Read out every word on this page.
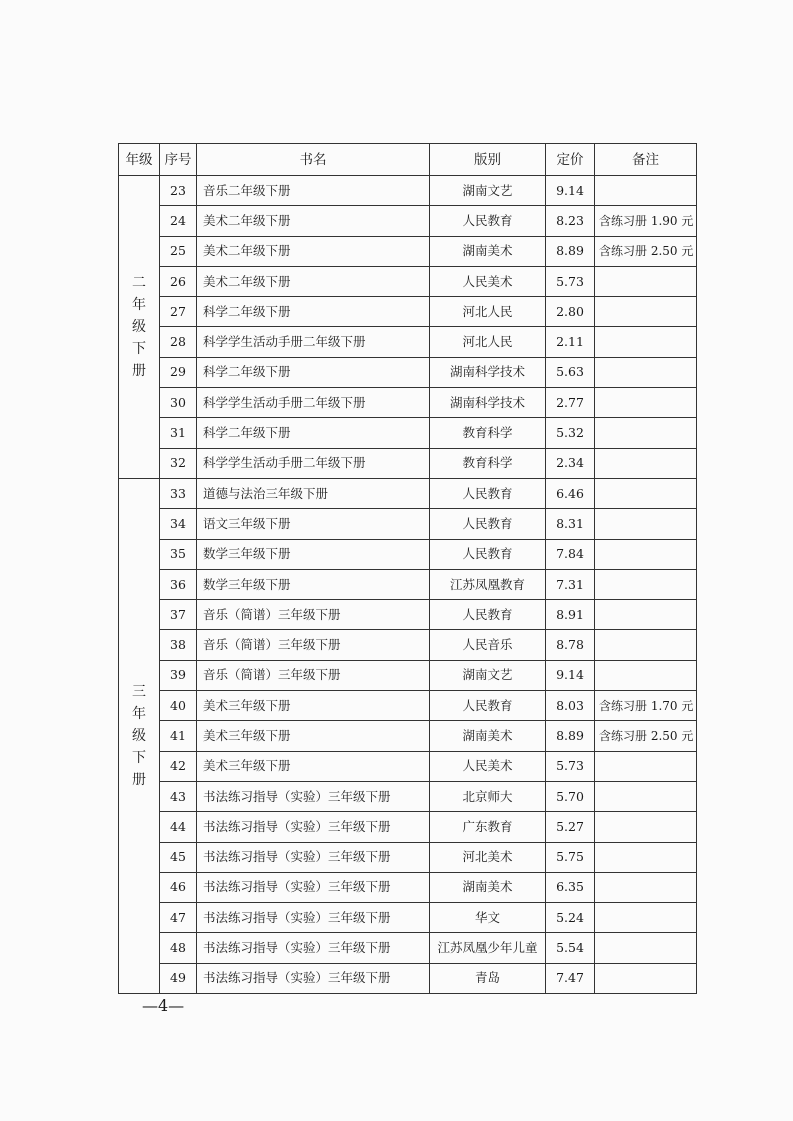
年级	序号	书名	版别	定价	备注

二
年
级
下
册	23	音乐二年级下册	湖南文艺	9.14	
	24	美术二年级下册	人民教育	8.23	含练习册 1.90 元
	25	美术二年级下册	湖南美术	8.89	含练习册 2.50 元
	26	美术二年级下册	人民美术	5.73	
	27	科学二年级下册	河北人民	2.80	
	28	科学学生活动手册二年级下册	河北人民	2.11	
	29	科学二年级下册	湖南科学技术	5.63	
	30	科学学生活动手册二年级下册	湖南科学技术	2.77	
	31	科学二年级下册	教育科学	5.32	
	32	科学学生活动手册二年级下册	教育科学	2.34	

三
年
级
下
册	33	道德与法治三年级下册	人民教育	6.46	
	34	语文三年级下册	人民教育	8.31	
	35	数学三年级下册	人民教育	7.84	
	36	数学三年级下册	江苏凤凰教育	7.31	
	37	音乐（简谱）三年级下册	人民教育	8.91	
	38	音乐（简谱）三年级下册	人民音乐	8.78	
	39	音乐（简谱）三年级下册	湖南文艺	9.14	
	40	美术三年级下册	人民教育	8.03	含练习册 1.70 元
	41	美术三年级下册	湖南美术	8.89	含练习册 2.50 元
	42	美术三年级下册	人民美术	5.73	
	43	书法练习指导（实验）三年级下册	北京师大	5.70	
	44	书法练习指导（实验）三年级下册	广东教育	5.27	
	45	书法练习指导（实验）三年级下册	河北美术	5.75	
	46	书法练习指导（实验）三年级下册	湖南美术	6.35	
	47	书法练习指导（实验）三年级下册	华文	5.24	
	48	书法练习指导（实验）三年级下册	江苏凤凰少年儿童	5.54	
	49	书法练习指导（实验）三年级下册	青岛	7.47	
—4—
